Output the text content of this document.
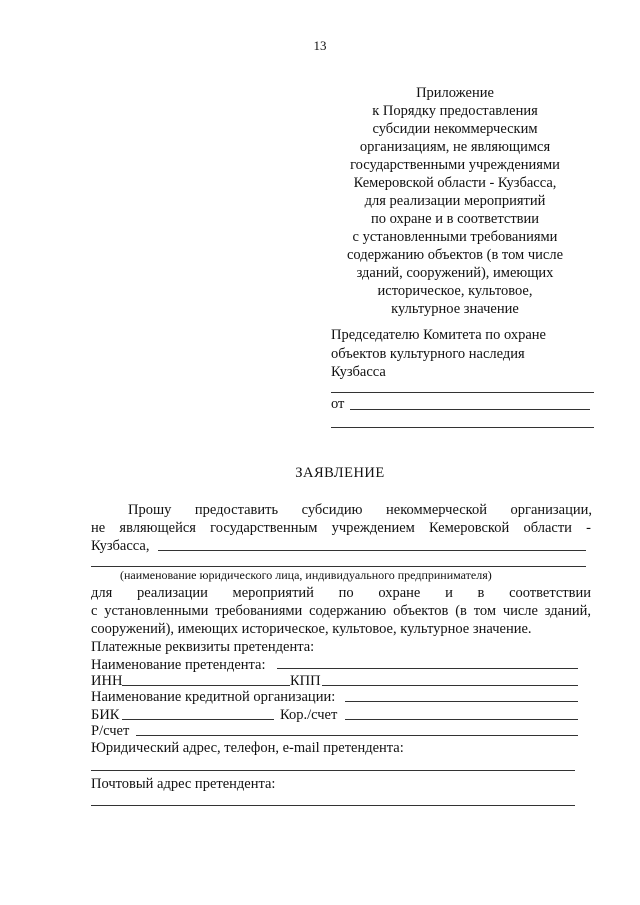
13
Приложение
к Порядку предоставления
субсидии некоммерческим
организациям, не являющимся
государственными учреждениями
Кемеровской области - Кузбасса,
для реализации мероприятий
по охране и в соответствии
с установленными требованиями
содержанию объектов (в том числе
зданий, сооружений), имеющих
историческое, культовое,
культурное значение
Председателю Комитета по охране
объектов культурного наследия
Кузбасса
от
ЗАЯВЛЕНИЕ
Прошу предоставить субсидию некоммерческой организации,
не являющейся государственным учреждением Кемеровской области -
Кузбасса,
(наименование юридического лица, индивидуального предпринимателя)
для реализации мероприятий по охране и в соответствии
с установленными требованиями содержанию объектов (в том числе зданий,
сооружений), имеющих историческое, культовое, культурное значение.
Платежные реквизиты претендента:
Наименование претендента:
ИНН	КПП
Наименование кредитной организации:
БИК	Кор./счет
Р/счет
Юридический адрес, телефон, e-mail претендента:
Почтовый адрес претендента:
